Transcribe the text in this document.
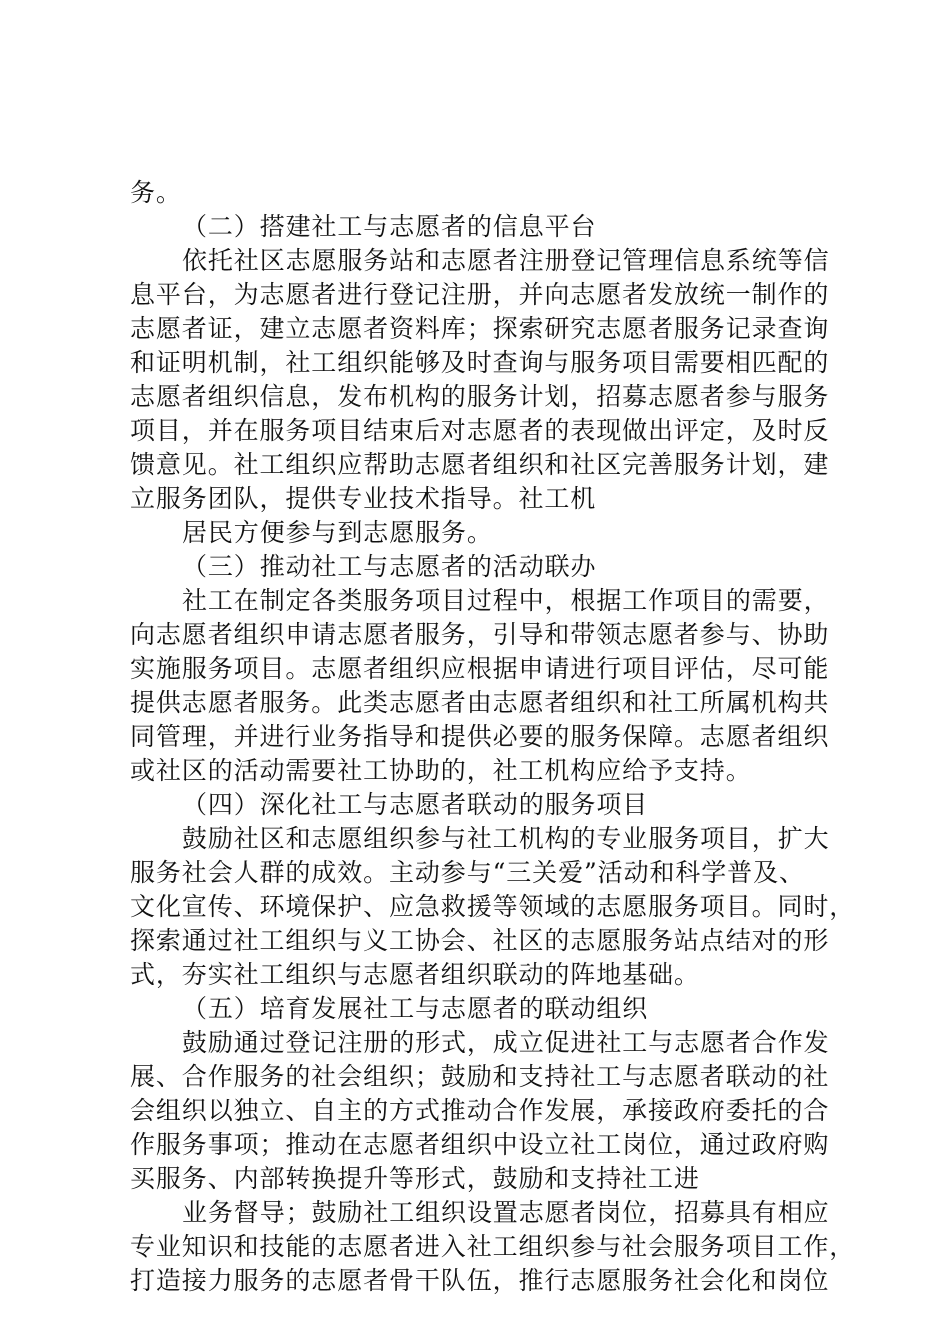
务。
（二）搭建社工与志愿者的信息平台
依托社区志愿服务站和志愿者注册登记管理信息系统等信
息平台，为志愿者进行登记注册，并向志愿者发放统一制作的
志愿者证，建立志愿者资料库；探索研究志愿者服务记录查询
和证明机制，社工组织能够及时查询与服务项目需要相匹配的
志愿者组织信息，发布机构的服务计划，招募志愿者参与服务
项目，并在服务项目结束后对志愿者的表现做出评定，及时反
馈意见。社工组织应帮助志愿者组织和社区完善服务计划，建
立服务团队，提供专业技术指导。社工机
居民方便参与到志愿服务。
（三）推动社工与志愿者的活动联办
社工在制定各类服务项目过程中，根据工作项目的需要，
向志愿者组织申请志愿者服务，引导和带领志愿者参与、协助
实施服务项目。志愿者组织应根据申请进行项目评估，尽可能
提供志愿者服务。此类志愿者由志愿者组织和社工所属机构共
同管理，并进行业务指导和提供必要的服务保障。志愿者组织
或社区的活动需要社工协助的，社工机构应给予支持。
（四）深化社工与志愿者联动的服务项目
鼓励社区和志愿组织参与社工机构的专业服务项目，扩大
服务社会人群的成效。主动参与“三关爱”活动和科学普及、
文化宣传、环境保护、应急救援等领域的志愿服务项目。同时，
探索通过社工组织与义工协会、社区的志愿服务站点结对的形
式，夯实社工组织与志愿者组织联动的阵地基础。
（五）培育发展社工与志愿者的联动组织
鼓励通过登记注册的形式，成立促进社工与志愿者合作发
展、合作服务的社会组织；鼓励和支持社工与志愿者联动的社
会组织以独立、自主的方式推动合作发展，承接政府委托的合
作服务事项；推动在志愿者组织中设立社工岗位，通过政府购
买服务、内部转换提升等形式，鼓励和支持社工进
业务督导；鼓励社工组织设置志愿者岗位，招募具有相应
专业知识和技能的志愿者进入社工组织参与社会服务项目工作，
打造接力服务的志愿者骨干队伍，推行志愿服务社会化和岗位
